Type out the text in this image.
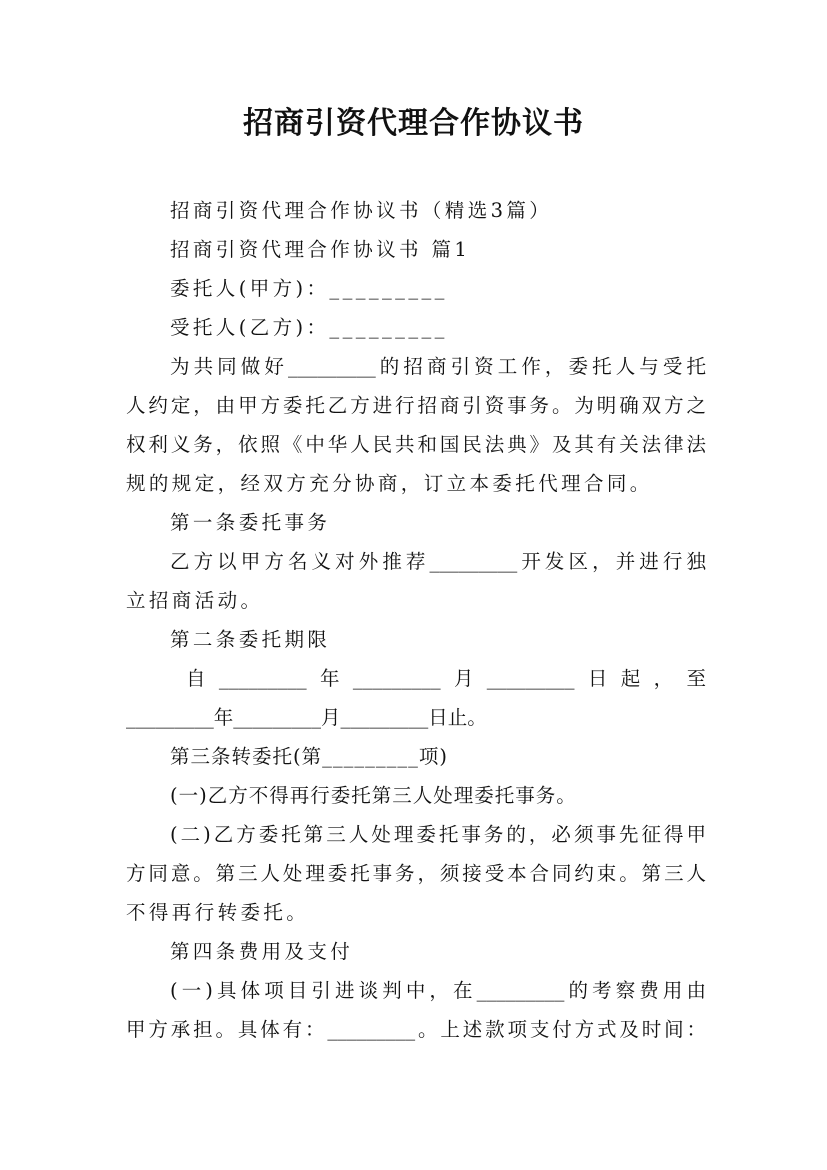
招商引资代理合作协议书
招商引资代理合作协议书（精选3篇）
招商引资代理合作协议书 篇1
委托人(甲方)：_________
受托人(乙方)：_________
为共同做好_________的招商引资工作，委托人与受托
人约定，由甲方委托乙方进行招商引资事务。为明确双方之
权利义务，依照《中华人民共和国民法典》及其有关法律法
规的规定，经双方充分协商，订立本委托代理合同。
第一条委托事务
乙方以甲方名义对外推荐_________开发区，并进行独
立招商活动。
第二条委托期限
自_________年_________月_________日起，至
_________年_________月_________日止。
第三条转委托(第_________项)
(一)乙方不得再行委托第三人处理委托事务。
(二)乙方委托第三人处理委托事务的，必须事先征得甲
方同意。第三人处理委托事务，须接受本合同约束。第三人
不得再行转委托。
第四条费用及支付
(一)具体项目引进谈判中，在_________的考察费用由
甲方承担。具体有：_________。上述款项支付方式及时间：
